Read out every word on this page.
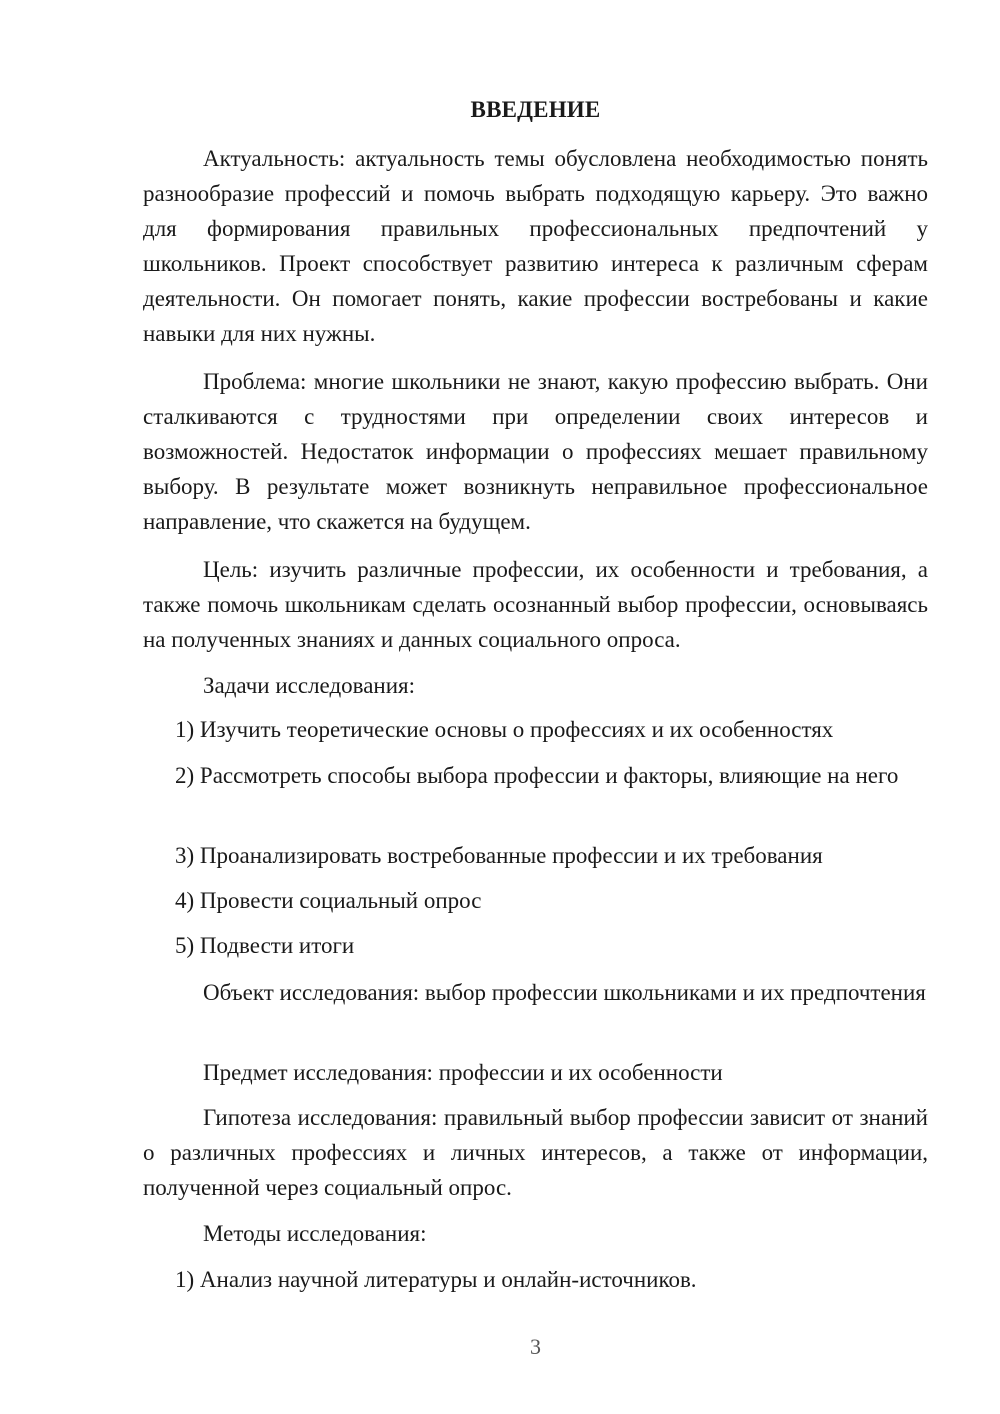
ВВЕДЕНИЕ

Актуальность: актуальность темы обусловлена необходимостью понять разнообразие профессий и помочь выбрать подходящую карьеру. Это важно для формирования правильных профессиональных предпочтений у школьников. Проект способствует развитию интереса к различным сферам деятельности. Он помогает понять, какие профессии востребованы и какие навыки для них нужны.

Проблема: многие школьники не знают, какую профессию выбрать. Они сталкиваются с трудностями при определении своих интересов и возможностей. Недостаток информации о профессиях мешает правильному выбору. В результате может возникнуть неправильное профессиональное направление, что скажется на будущем.

Цель: изучить различные профессии, их особенности и требования, а также помочь школьникам сделать осознанный выбор профессии, основываясь на полученных знаниях и данных социального опроса.

Задачи исследования:

1) Изучить теоретические основы о профессиях и их особенностях

2) Рассмотреть способы выбора профессии и факторы, влияющие на него

3) Проанализировать востребованные профессии и их требования

4) Провести социальный опрос

5) Подвести итоги

Объект исследования: выбор профессии школьниками и их предпочтения

Предмет исследования: профессии и их особенности

Гипотеза исследования: правильный выбор профессии зависит от знаний о различных профессиях и личных интересов, а также от информации, полученной через социальный опрос.

Методы исследования:

1) Анализ научной литературы и онлайн-источников.

3
